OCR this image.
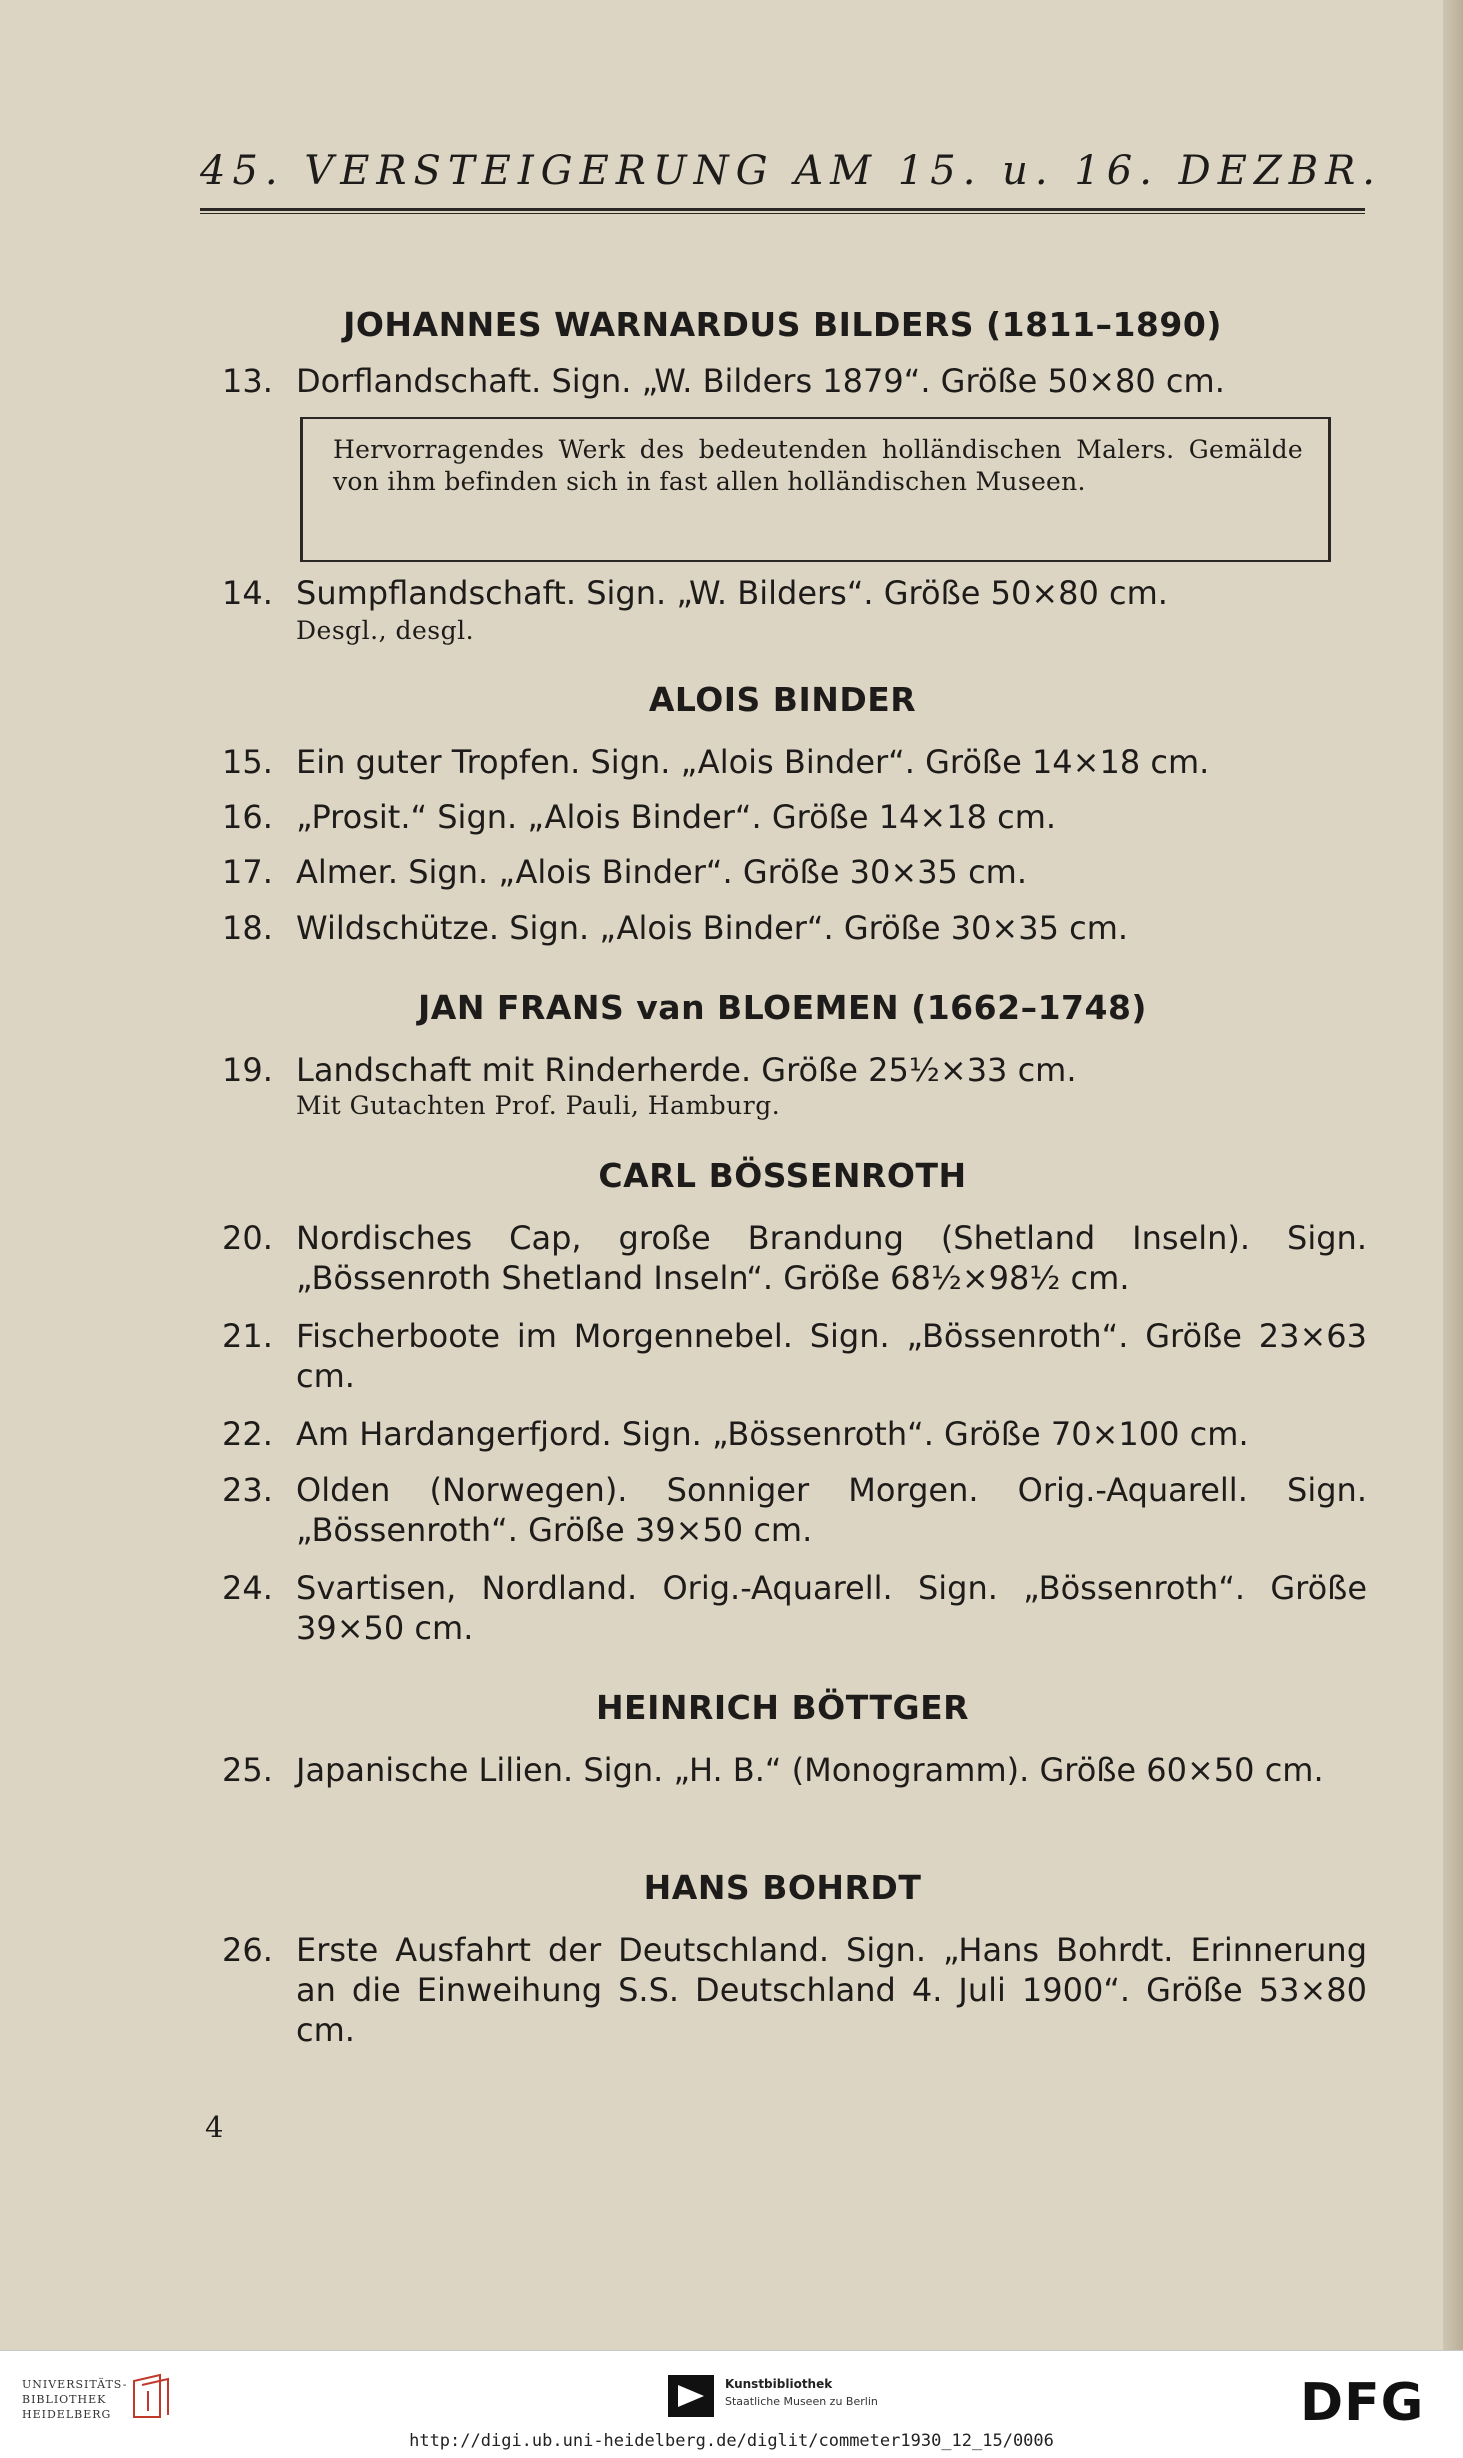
45. VERSTEIGERUNG AM 15. u. 16. DEZBR.
JOHANNES WARNARDUS BILDERS (1811–1890)
13. Dorflandschaft. Sign. „W. Bilders 1879“. Größe 50×80 cm.
Hervorragendes Werk des bedeutenden holländischen Malers. Gemälde von ihm befinden sich in fast allen holländischen Museen.
14. Sumpflandschaft. Sign. „W. Bilders“. Größe 50×80 cm.
Desgl., desgl.
ALOIS BINDER
15. Ein guter Tropfen. Sign. „Alois Binder“. Größe 14×18 cm.
16. „Prosit.“ Sign. „Alois Binder“. Größe 14×18 cm.
17. Almer. Sign. „Alois Binder“. Größe 30×35 cm.
18. Wildschütze. Sign. „Alois Binder“. Größe 30×35 cm.
JAN FRANS van BLOEMEN (1662–1748)
19. Landschaft mit Rinderherde. Größe 25½×33 cm.
Mit Gutachten Prof. Pauli, Hamburg.
CARL BÖSSENROTH
20. Nordisches Cap, große Brandung (Shetland Inseln). Sign. „Bössenroth Shetland Inseln“. Größe 68½×98½ cm.
21. Fischerboote im Morgennebel. Sign. „Bössenroth“. Größe 23×63 cm.
22. Am Hardangerfjord. Sign. „Bössenroth“. Größe 70×100 cm.
23. Olden (Norwegen). Sonniger Morgen. Orig.-Aquarell. Sign. „Bössenroth“. Größe 39×50 cm.
24. Svartisen, Nordland. Orig.-Aquarell. Sign. „Bössenroth“. Größe 39×50 cm.
HEINRICH BÖTTGER
25. Japanische Lilien. Sign. „H. B.“ (Monogramm). Größe 60×50 cm.
HANS BOHRDT
26. Erste Ausfahrt der Deutschland. Sign. „Hans Bohrdt. Erinnerung an die Einweihung S.S. Deutschland 4. Juli 1900“. Größe 53×80 cm.
4
UNIVERSITÄTS-
BIBLIOTHEK
HEIDELBERG
Kunstbibliothek
Staatliche Museen zu Berlin	DFG
http://digi.ub.uni-heidelberg.de/diglit/commeter1930_12_15/0006
